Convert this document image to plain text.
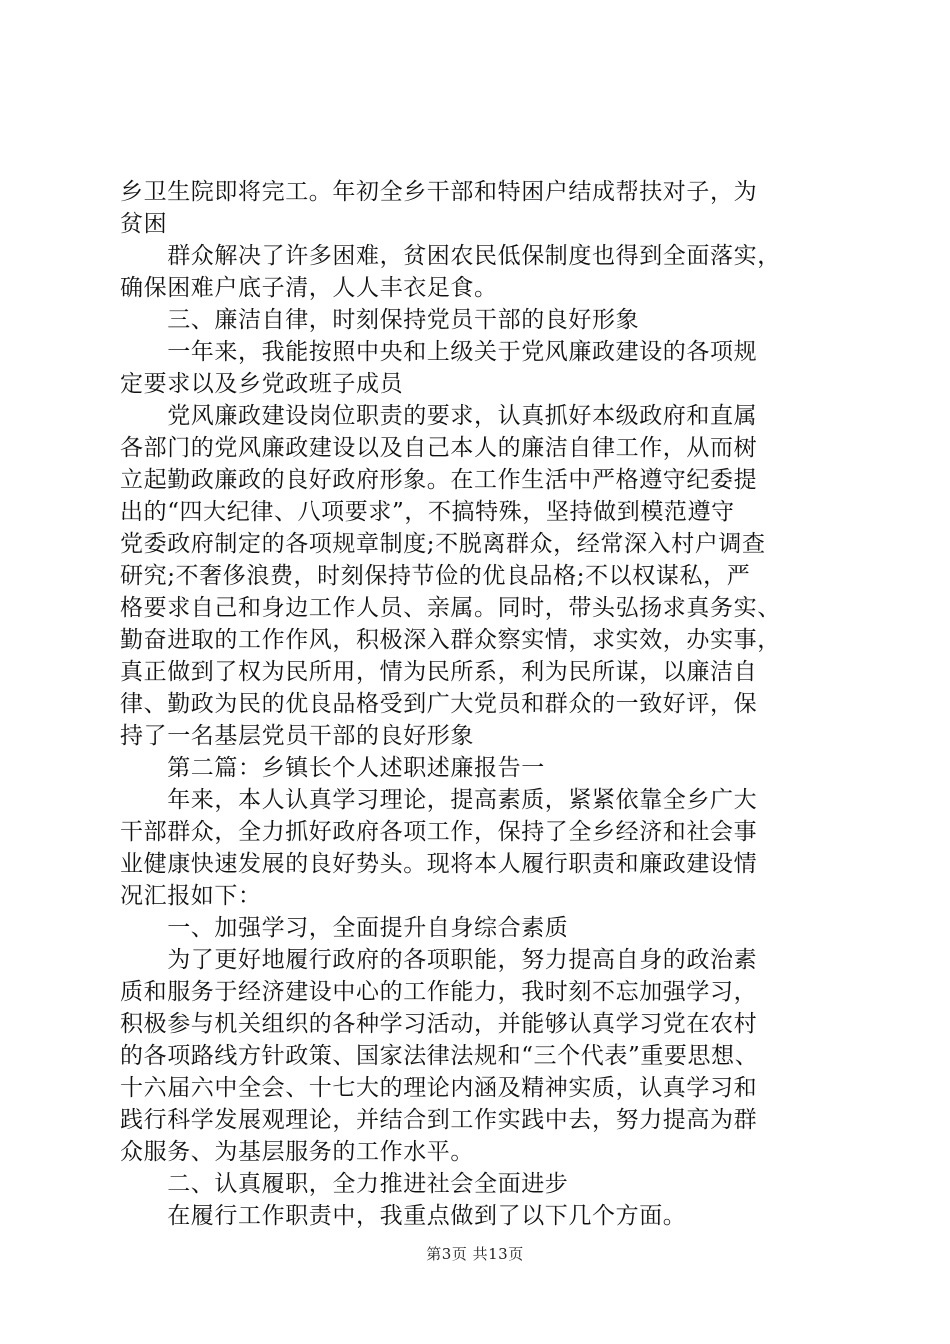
乡卫生院即将完工。年初全乡干部和特困户结成帮扶对子，为
贫困
　　群众解决了许多困难，贫困农民低保制度也得到全面落实，
确保困难户底子清，人人丰衣足食。
　　三、廉洁自律，时刻保持党员干部的良好形象
　　一年来，我能按照中央和上级关于党风廉政建设的各项规
定要求以及乡党政班子成员
　　党风廉政建设岗位职责的要求，认真抓好本级政府和直属
各部门的党风廉政建设以及自己本人的廉洁自律工作，从而树
立起勤政廉政的良好政府形象。在工作生活中严格遵守纪委提
出的“四大纪律、八项要求”，不搞特殊，坚持做到模范遵守
党委政府制定的各项规章制度;不脱离群众，经常深入村户调查
研究;不奢侈浪费，时刻保持节俭的优良品格;不以权谋私，严
格要求自己和身边工作人员、亲属。同时，带头弘扬求真务实、
勤奋进取的工作作风，积极深入群众察实情，求实效，办实事，
真正做到了权为民所用，情为民所系，利为民所谋，以廉洁自
律、勤政为民的优良品格受到广大党员和群众的一致好评，保
持了一名基层党员干部的良好形象
　　第二篇：乡镇长个人述职述廉报告一
　　年来，本人认真学习理论，提高素质，紧紧依靠全乡广大
干部群众，全力抓好政府各项工作，保持了全乡经济和社会事
业健康快速发展的良好势头。现将本人履行职责和廉政建设情
况汇报如下：
　　一、加强学习，全面提升自身综合素质
　　为了更好地履行政府的各项职能，努力提高自身的政治素
质和服务于经济建设中心的工作能力，我时刻不忘加强学习，
积极参与机关组织的各种学习活动，并能够认真学习党在农村
的各项路线方针政策、国家法律法规和“三个代表”重要思想、
十六届六中全会、十七大的理论内涵及精神实质，认真学习和
践行科学发展观理论，并结合到工作实践中去，努力提高为群
众服务、为基层服务的工作水平。
　　二、认真履职，全力推进社会全面进步
　　在履行工作职责中，我重点做到了以下几个方面。
第3页 共13页
